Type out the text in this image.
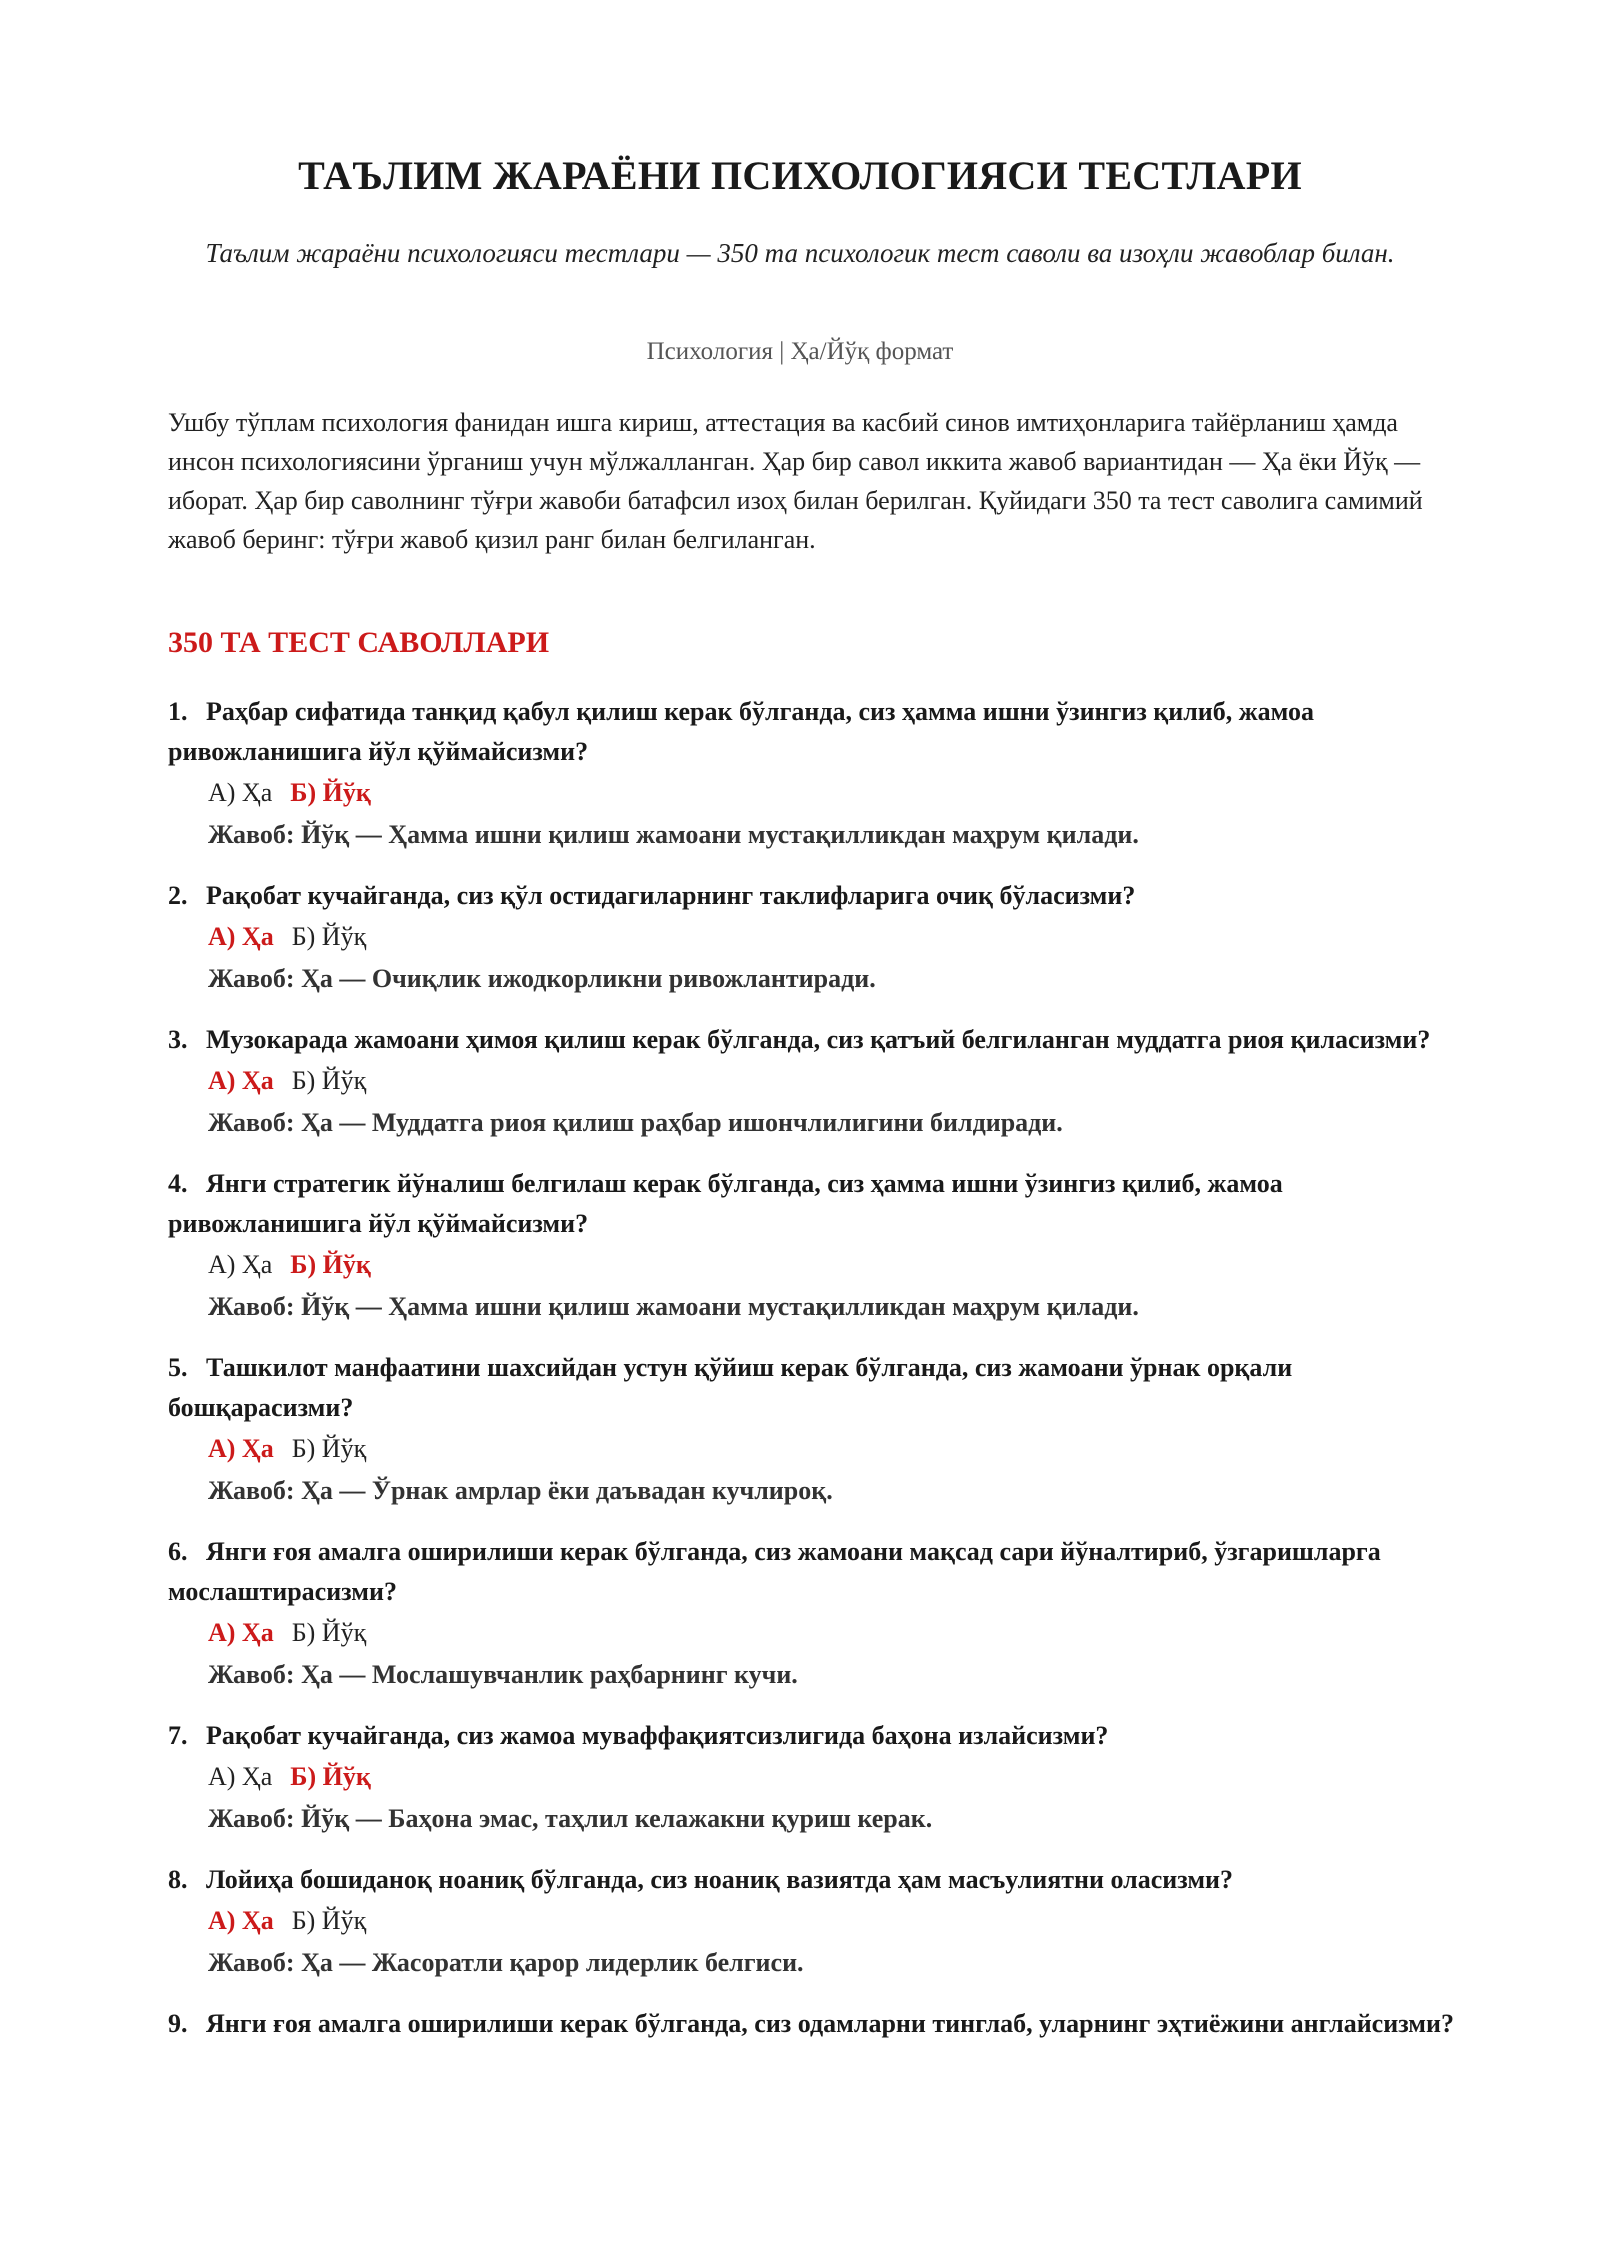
ТАЪЛИМ ЖАРАЁНИ ПСИХОЛОГИЯСИ ТЕСТЛАРИ

Таълим жараёни психологияси тестлари — 350 та психологик тест саволи ва изоҳли жавоблар билан.

Психология | Ҳа/Йўқ формат

Ушбу тўплам психология фанидан ишга кириш, аттестация ва касбий синов имтиҳонларига тайёрланиш ҳамда инсон психологиясини ўрганиш учун мўлжалланган. Ҳар бир савол иккита жавоб вариантидан — Ҳа ёки Йўқ — иборат. Ҳар бир саволнинг тўғри жавоби батафсил изоҳ билан берилган. Қуйидаги 350 та тест саволига самимий жавоб беринг: тўғри жавоб қизил ранг билан белгиланган.

350 ТА ТЕСТ САВОЛЛАРИ

1. Раҳбар сифатида танқид қабул қилиш керак бўлганда, сиз ҳамма ишни ўзингиз қилиб, жамоа ривожланишига йўл қўймайсизми?

А) Ҳа Б) Йўқ
Жавоб: Йўқ — Ҳамма ишни қилиш жамоани мустақилликдан маҳрум қилади.

2. Рақобат кучайганда, сиз қўл остидагиларнинг таклифларига очиқ бўласизми?

А) Ҳа Б) Йўқ
Жавоб: Ҳа — Очиқлик ижодкорликни ривожлантиради.

3. Музокарада жамоани ҳимоя қилиш керак бўлганда, сиз қатъий белгиланган муддатга риоя қиласизми?

А) Ҳа Б) Йўқ
Жавоб: Ҳа — Муддатга риоя қилиш раҳбар ишончлилигини билдиради.

4. Янги стратегик йўналиш белгилаш керак бўлганда, сиз ҳамма ишни ўзингиз қилиб, жамоа ривожланишига йўл қўймайсизми?

А) Ҳа Б) Йўқ
Жавоб: Йўқ — Ҳамма ишни қилиш жамоани мустақилликдан маҳрум қилади.

5. Ташкилот манфаатини шахсийдан устун қўйиш керак бўлганда, сиз жамоани ўрнак орқали бошқарасизми?

А) Ҳа Б) Йўқ
Жавоб: Ҳа — Ўрнак амрлар ёки даъвадан кучлироқ.

6. Янги ғоя амалга оширилиши керак бўлганда, сиз жамоани мақсад сари йўналтириб, ўзгаришларга мослаштирасизми?

А) Ҳа Б) Йўқ
Жавоб: Ҳа — Мослашувчанлик раҳбарнинг кучи.

7. Рақобат кучайганда, сиз жамоа муваффақиятсизлигида баҳона излайсизми?

А) Ҳа Б) Йўқ
Жавоб: Йўқ — Баҳона эмас, таҳлил келажакни қуриш керак.

8. Лойиҳа бошиданоқ ноаниқ бўлганда, сиз ноаниқ вазиятда ҳам масъулиятни оласизми?

А) Ҳа Б) Йўқ
Жавоб: Ҳа — Жасоратли қарор лидерлик белгиси.

9. Янги ғоя амалга оширилиши керак бўлганда, сиз одамларни тинглаб, уларнинг эҳтиёжини англайсизми?
